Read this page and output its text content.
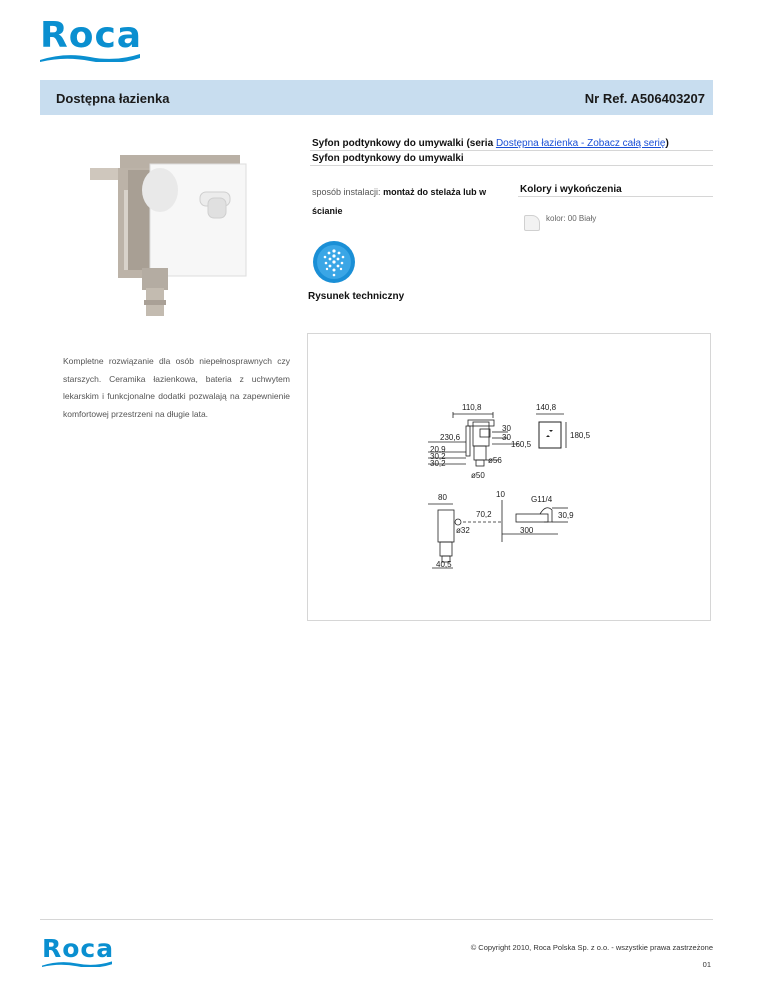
Roca
Dostępna łazienka	Nr Ref. A506403207
Syfon podtynkowy do umywalki (seria Dostępna łazienka - Zobacz całą serię)
Syfon podtynkowy do umywalki
sposób instalacji: montaż do stelaża lub w
ścianie
Kolory i wykończenia
kolor: 00 Biały
Rysunek techniczny
Kompletne rozwiązanie dla osób niepełnosprawnych czy starszych. Ceramika łazienkowa, bateria z uchwytem lekarskim i funkcjonalne dodatki pozwalają na zapewnienie komfortowej przestrzeni na długie lata.
110,8	140,8
30
30
160,5
180,5
230,6
20,9
30,2
30,2	ø56
ø50
80	10
G11/4
70,2	30,9
ø32	300
40,5
Roca	© Copyright 2010, Roca Polska Sp. z o.o. - wszystkie prawa zastrzeżone
01
